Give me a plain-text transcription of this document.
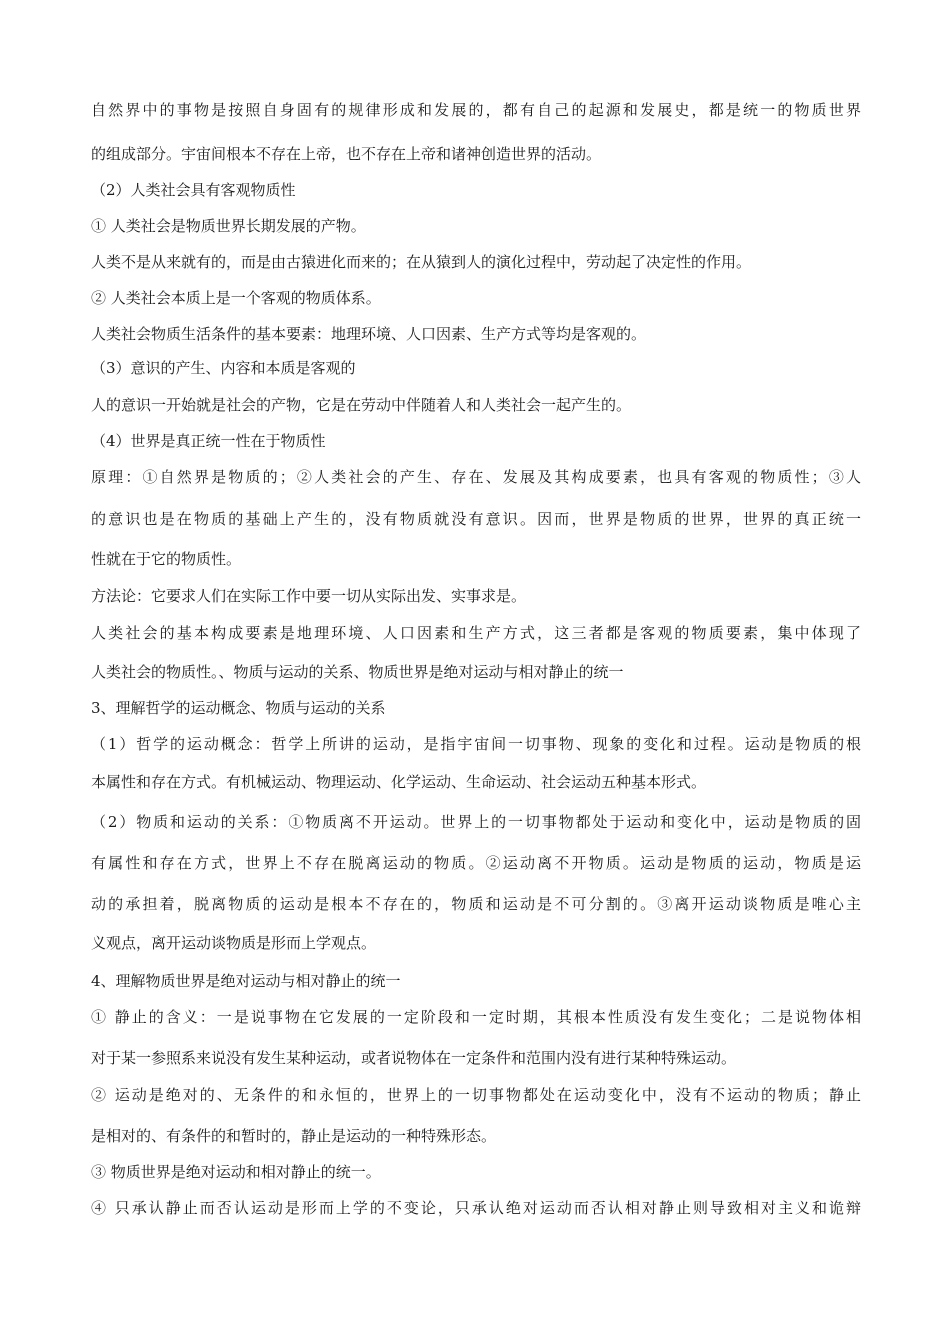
自然界中的事物是按照自身固有的规律形成和发展的，都有自己的起源和发展史，都是统一的物质世界
的组成部分。宇宙间根本不存在上帝，也不存在上帝和诸神创造世界的活动。
（2）人类社会具有客观物质性
① 人类社会是物质世界长期发展的产物。
人类不是从来就有的，而是由古猿进化而来的；在从猿到人的演化过程中，劳动起了决定性的作用。
② 人类社会本质上是一个客观的物质体系。
人类社会物质生活条件的基本要素：地理环境、人口因素、生产方式等均是客观的。
（3）意识的产生、内容和本质是客观的
人的意识一开始就是社会的产物，它是在劳动中伴随着人和人类社会一起产生的。
（4）世界是真正统一性在于物质性
原理：①自然界是物质的；②人类社会的产生、存在、发展及其构成要素，也具有客观的物质性；③人
的意识也是在物质的基础上产生的，没有物质就没有意识。因而，世界是物质的世界，世界的真正统一
性就在于它的物质性。
方法论：它要求人们在实际工作中要一切从实际出发、实事求是。
人类社会的基本构成要素是地理环境、人口因素和生产方式，这三者都是客观的物质要素，集中体现了
人类社会的物质性。、物质与运动的关系、物质世界是绝对运动与相对静止的统一
3、理解哲学的运动概念、物质与运动的关系
（1）哲学的运动概念：哲学上所讲的运动，是指宇宙间一切事物、现象的变化和过程。运动是物质的根
本属性和存在方式。有机械运动、物理运动、化学运动、生命运动、社会运动五种基本形式。
（2）物质和运动的关系：①物质离不开运动。世界上的一切事物都处于运动和变化中，运动是物质的固
有属性和存在方式，世界上不存在脱离运动的物质。②运动离不开物质。运动是物质的运动，物质是运
动的承担着，脱离物质的运动是根本不存在的，物质和运动是不可分割的。③离开运动谈物质是唯心主
义观点，离开运动谈物质是形而上学观点。
4、理解物质世界是绝对运动与相对静止的统一
① 静止的含义：一是说事物在它发展的一定阶段和一定时期，其根本性质没有发生变化；二是说物体相
对于某一参照系来说没有发生某种运动，或者说物体在一定条件和范围内没有进行某种特殊运动。
② 运动是绝对的、无条件的和永恒的，世界上的一切事物都处在运动变化中，没有不运动的物质；静止
是相对的、有条件的和暂时的，静止是运动的一种特殊形态。
③ 物质世界是绝对运动和相对静止的统一。
④ 只承认静止而否认运动是形而上学的不变论，只承认绝对运动而否认相对静止则导致相对主义和诡辩
